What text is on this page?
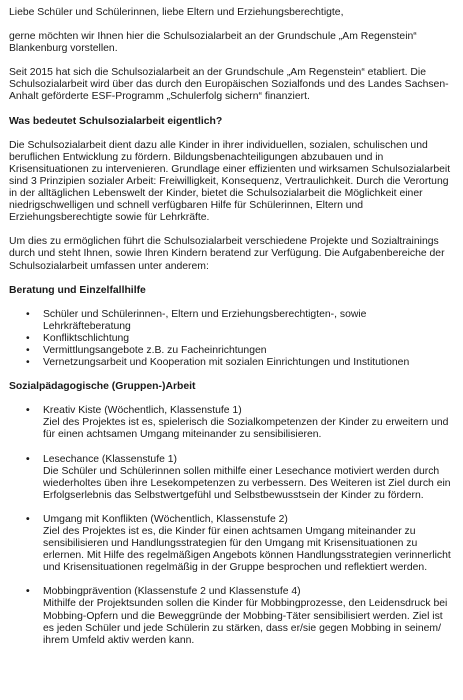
Liebe Schüler und Schülerinnen, liebe Eltern und Erziehungsberechtigte,

gerne möchten wir Ihnen hier die Schulsozialarbeit an der Grundschule „Am Regenstein“ Blankenburg vorstellen.

Seit 2015 hat sich die Schulsozialarbeit an der Grundschule „Am Regenstein“ etabliert. Die Schulsozialarbeit wird über das durch den Europäischen Sozialfonds und des Landes Sachsen-Anhalt geförderte ESF-Programm „Schulerfolg sichern“ finanziert.

Was bedeutet Schulsozialarbeit eigentlich?

Die Schulsozialarbeit dient dazu alle Kinder in ihrer individuellen, sozialen, schulischen und beruflichen Entwicklung zu fördern. Bildungsbenachteiligungen abzubauen und in Krisensituationen zu intervenieren. Grundlage einer effizienten und wirksamen Schulsozialarbeit sind 3 Prinzipien sozialer Arbeit: Freiwilligkeit, Konsequenz, Vertraulichkeit. Durch die Verortung in der alltäglichen Lebenswelt der Kinder, bietet die Schulsozialarbeit die Möglichkeit einer niedrigschwelligen und schnell verfügbaren Hilfe für Schülerinnen, Eltern und Erziehungsberechtigte sowie für Lehrkräfte.

Um dies zu ermöglichen führt die Schulsozialarbeit verschiedene Projekte und Sozialtrainings durch und steht Ihnen, sowie Ihren Kindern beratend zur Verfügung. Die Aufgabenbereiche der Schulsozialarbeit umfassen unter anderem:

Beratung und Einzelfallhilfe

• Schüler und Schülerinnen-, Eltern und Erziehungsberechtigten-, sowie Lehrkräfteberatung
• Konfliktschlichtung
• Vermittlungsangebote z.B. zu Facheinrichtungen
• Vernetzungsarbeit und Kooperation mit sozialen Einrichtungen und Institutionen

Sozialpädagogische (Gruppen-)Arbeit

• Kreativ Kiste (Wöchentlich, Klassenstufe 1)
Ziel des Projektes ist es, spielerisch die Sozialkompetenzen der Kinder zu erweitern und für einen achtsamen Umgang miteinander zu sensibilisieren.
• Lesechance (Klassenstufe 1)
Die Schüler und Schülerinnen sollen mithilfe einer Lesechance motiviert werden durch wiederholtes üben ihre Lesekompetenzen zu verbessern. Des Weiteren ist Ziel durch ein Erfolgserlebnis das Selbstwertgefühl und Selbstbewusstsein der Kinder zu fördern.
• Umgang mit Konflikten (Wöchentlich, Klassenstufe 2)
Ziel des Projektes ist es, die Kinder für einen achtsamen Umgang miteinander zu sensibilisieren und Handlungsstrategien für den Umgang mit Krisensituationen zu erlernen. Mit Hilfe des regelmäßigen Angebots können Handlungsstrategien verinnerlicht und Krisensituationen regelmäßig in der Gruppe besprochen und reflektiert werden.
• Mobbingprävention (Klassenstufe 2 und Klassenstufe 4)
Mithilfe der Projektsunden sollen die Kinder für Mobbingprozesse, den Leidensdruck bei Mobbing-Opfern und die Beweggründe der Mobbing-Täter sensibilisiert werden. Ziel ist es jeden Schüler und jede Schülerin zu stärken, dass er/sie gegen Mobbing in seinem/ ihrem Umfeld aktiv werden kann.
